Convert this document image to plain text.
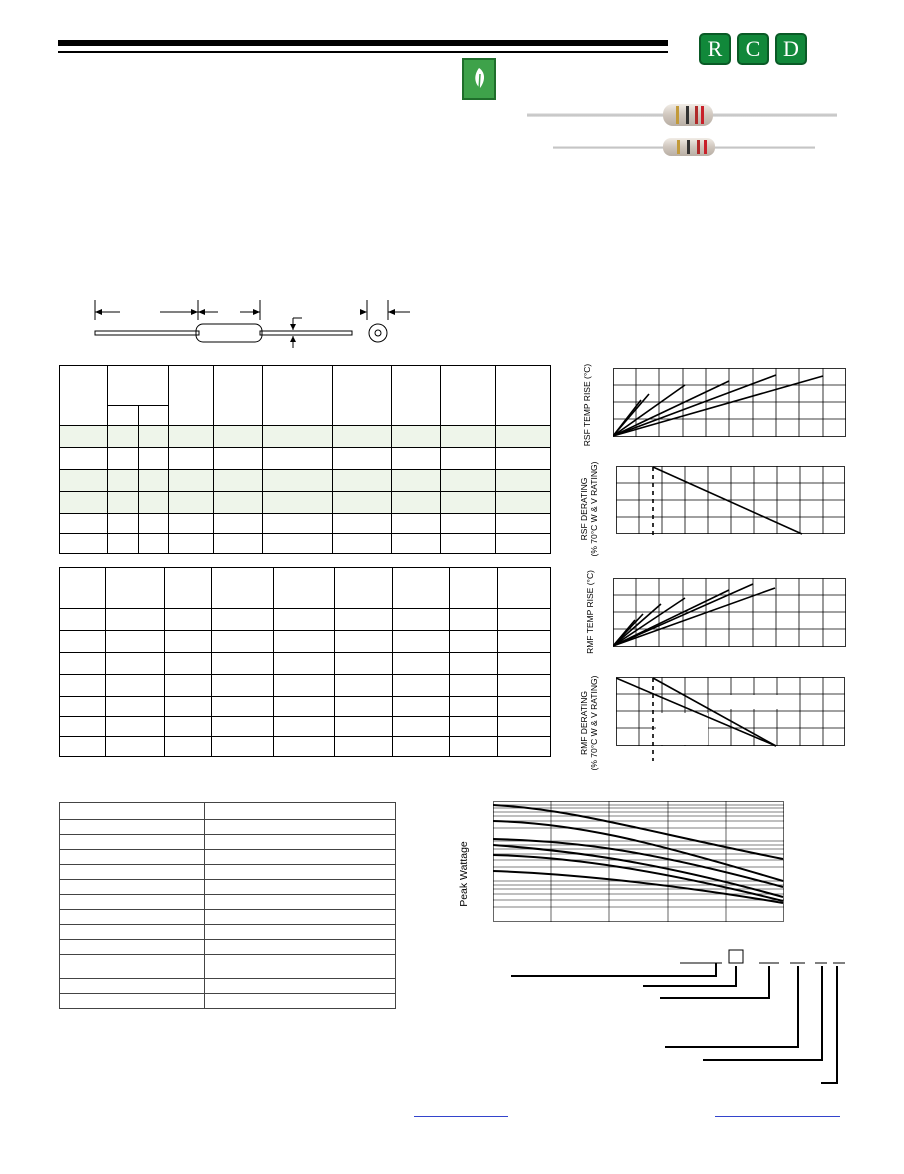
R	C	D

RSF TEMP RISE (°C)
RSF DERATING
(% 70°C W & V RATING)
RMF TEMP RISE (°C)
RMF DERATING
(% 70°C W & V RATING)

Peak Wattage
